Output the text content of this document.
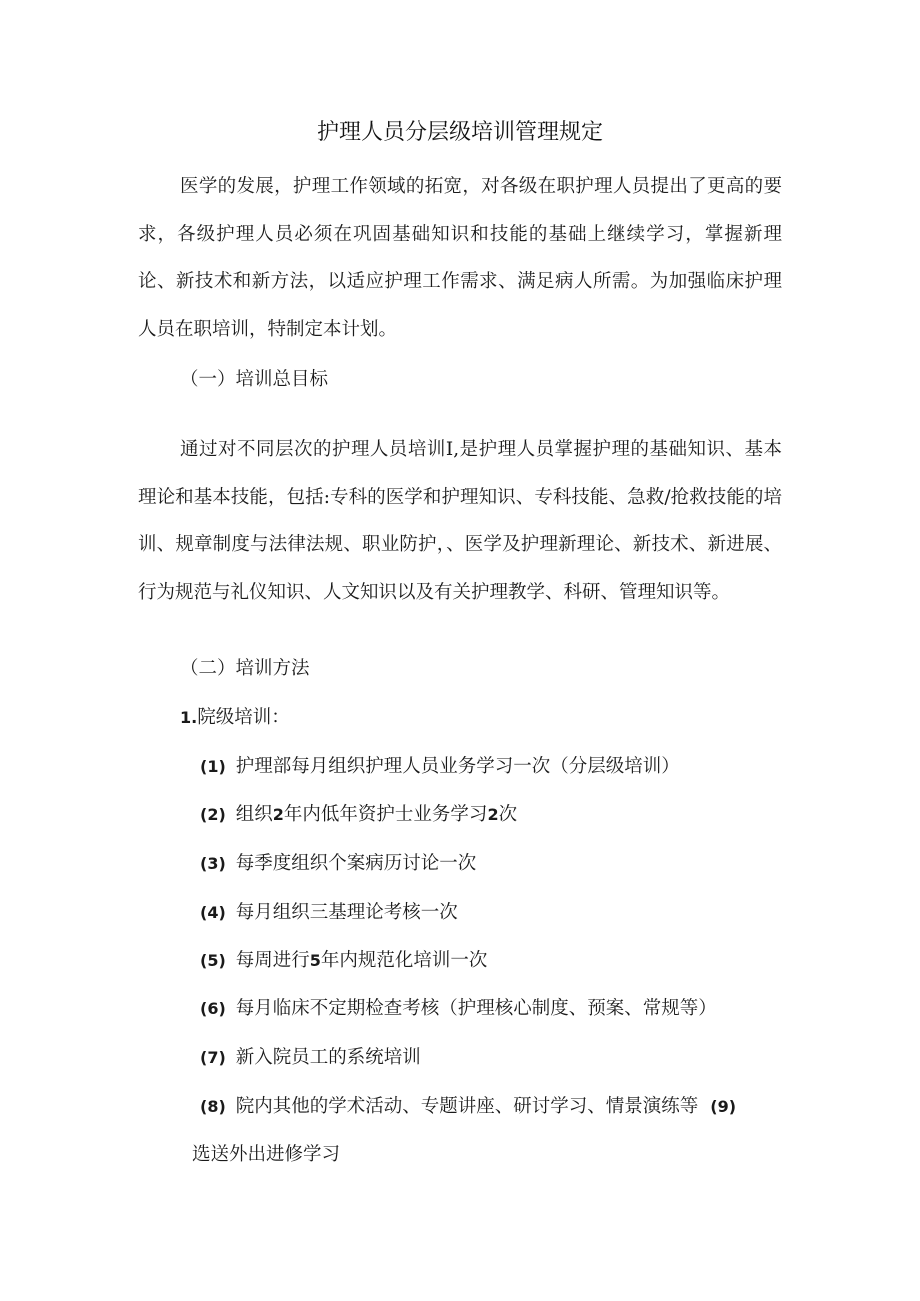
护理人员分层级培训管理规定
医学的发展，护理工作领域的拓宽，对各级在职护理人员提出了更高的要求，各级护理人员必须在巩固基础知识和技能的基础上继续学习，掌握新理论、新技术和新方法，以适应护理工作需求、满足病人所需。为加强临床护理人员在职培训，特制定本计划。
（一）培训总目标
通过对不同层次的护理人员培训I,是护理人员掌握护理的基础知识、基本理论和基本技能，包括:专科的医学和护理知识、专科技能、急救/抢救技能的培训、规章制度与法律法规、职业防护，、医学及护理新理论、新技术、新进展、行为规范与礼仪知识、人文知识以及有关护理教学、科研、管理知识等。
（二）培训方法
1.院级培训：
(1) 护理部每月组织护理人员业务学习一次（分层级培训）
(2) 组织2年内低年资护士业务学习2次
(3) 每季度组织个案病历讨论一次
(4) 每月组织三基理论考核一次
(5) 每周进行5年内规范化培训一次
(6) 每月临床不定期检查考核（护理核心制度、预案、常规等）
(7) 新入院员工的系统培训
(8) 院内其他的学术活动、专题讲座、研讨学习、情景演练等 (9)
选送外出进修学习
